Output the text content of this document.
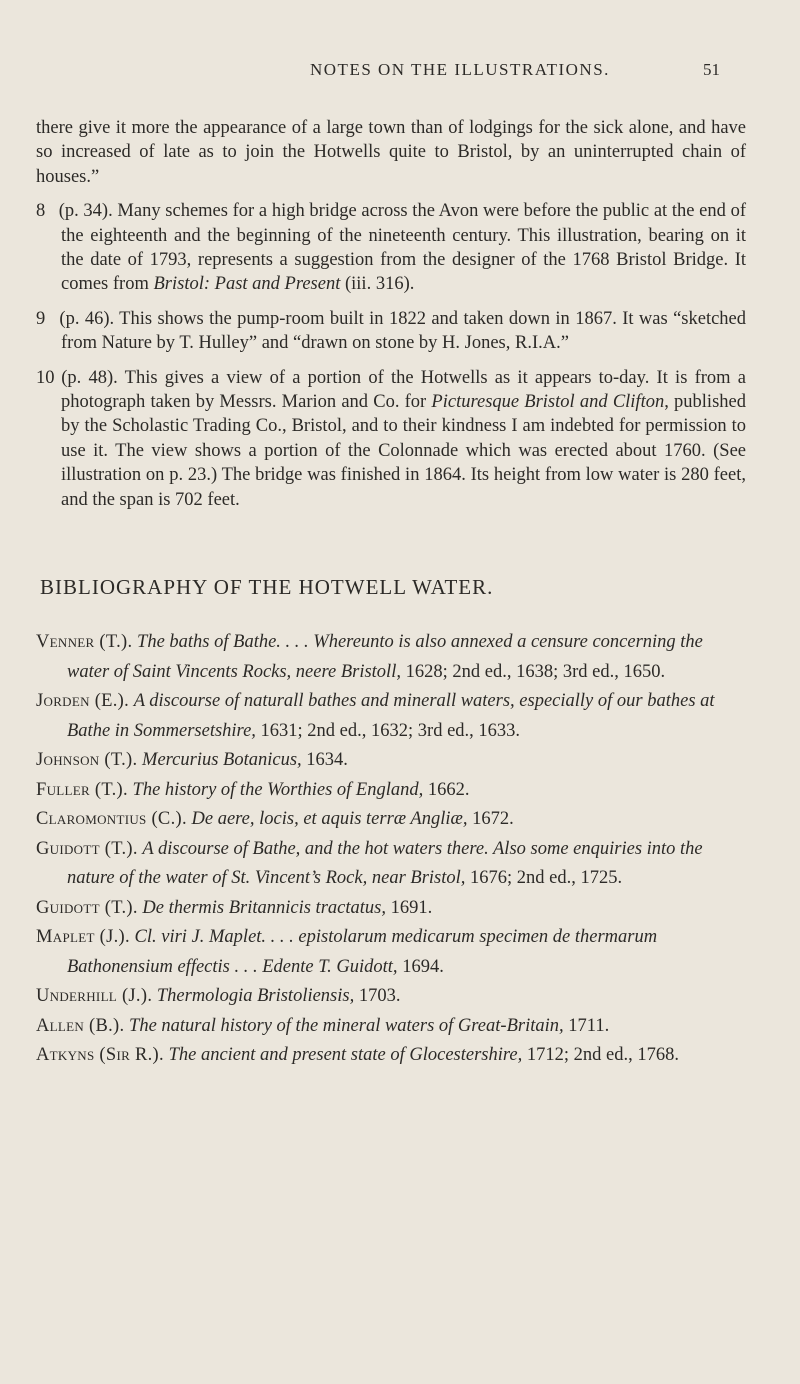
NOTES ON THE ILLUSTRATIONS.	51

there give it more the appearance of a large town than of lodgings for the sick alone, and have so increased of late as to join the Hotwells quite to Bristol, by an uninterrupted chain of houses.”

8 (p. 34). Many schemes for a high bridge across the Avon were before the public at the end of the eighteenth and the beginning of the nineteenth century. This illustration, bearing on it the date of 1793, represents a suggestion from the designer of the 1768 Bristol Bridge. It comes from Bristol: Past and Present (iii. 316).

9 (p. 46). This shows the pump-room built in 1822 and taken down in 1867. It was “sketched from Nature by T. Hulley” and “drawn on stone by H. Jones, R.I.A.”

10 (p. 48). This gives a view of a portion of the Hotwells as it appears to-day. It is from a photograph taken by Messrs. Marion and Co. for Picturesque Bristol and Clifton, published by the Scholastic Trading Co., Bristol, and to their kindness I am indebted for permission to use it. The view shows a portion of the Colonnade which was erected about 1760. (See illustration on p. 23.) The bridge was finished in 1864. Its height from low water is 280 feet, and the span is 702 feet.

BIBLIOGRAPHY OF THE HOTWELL WATER.

Venner (T.). The baths of Bathe. . . . Whereunto is also annexed a censure concerning the water of Saint Vincents Rocks, neere Bristoll, 1628; 2nd ed., 1638; 3rd ed., 1650.

Jorden (E.). A discourse of naturall bathes and minerall waters, especially of our bathes at Bathe in Sommersetshire, 1631; 2nd ed., 1632; 3rd ed., 1633.

Johnson (T.). Mercurius Botanicus, 1634.

Fuller (T.). The history of the Worthies of England, 1662.

Claromontius (C.). De aere, locis, et aquis terræ Angliæ, 1672.

Guidott (T.). A discourse of Bathe, and the hot waters there. Also some enquiries into the nature of the water of St. Vincent’s Rock, near Bristol, 1676; 2nd ed., 1725.

Guidott (T.). De thermis Britannicis tractatus, 1691.

Maplet (J.). Cl. viri J. Maplet. . . . epistolarum medicarum specimen de thermarum Bathonensium effectis . . . Edente T. Guidott, 1694.

Underhill (J.). Thermologia Bristoliensis, 1703.

Allen (B.). The natural history of the mineral waters of Great-Britain, 1711.

Atkyns (Sir R.). The ancient and present state of Glocestershire, 1712; 2nd ed., 1768.
